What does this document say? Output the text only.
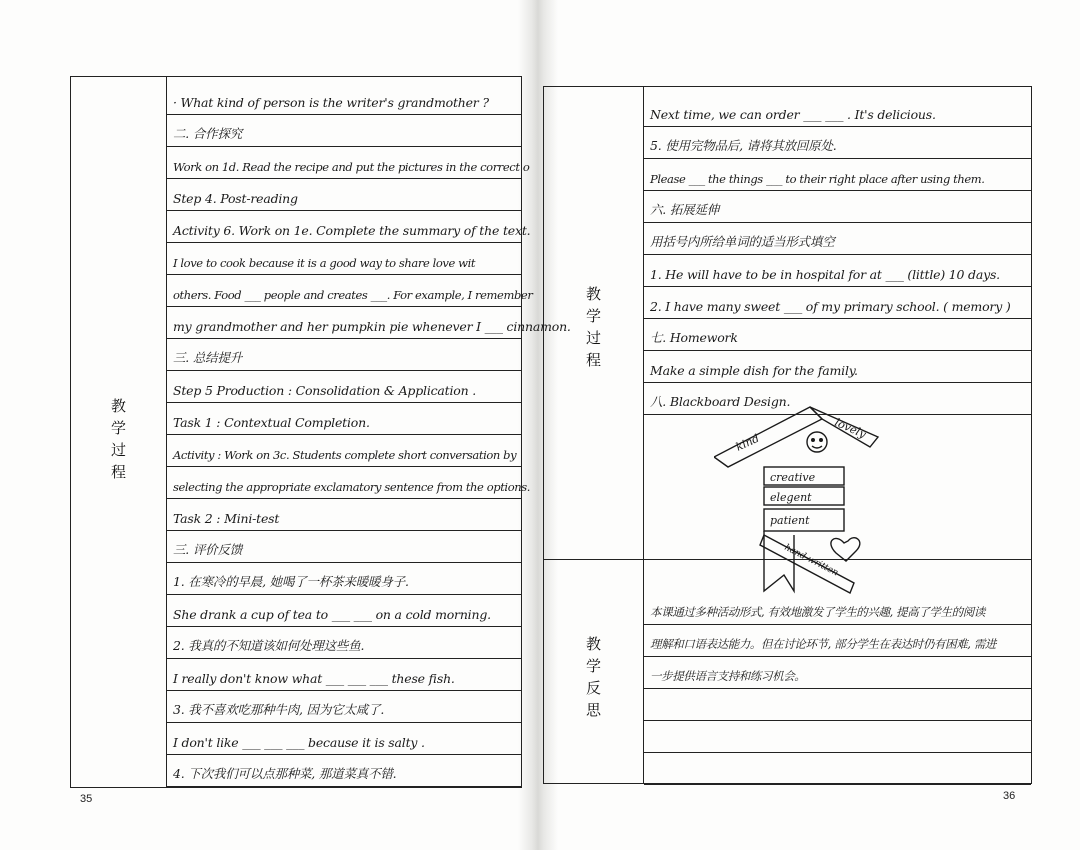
教
学
过
程
· What kind of person is the writer's grandmother ?
二. 合作探究
Work on 1d. Read the recipe and put the pictures in the correct o
Step 4. Post-reading
Activity 6. Work on 1e. Complete the summary of the text.
I love to cook because it is a good way to share love wit
others. Food ___ people and creates ___. For example, I remember
my grandmother and her pumpkin pie whenever I ___ cinnamon.
三. 总结提升
Step 5 Production : Consolidation & Application .
Task 1 : Contextual Completion.
Activity : Work on 3c. Students complete short conversation by
selecting the appropriate exclamatory sentence from the options.
Task 2 : Mini-test
三. 评价反馈
1. 在寒冷的早晨, 她喝了一杯茶来暖暖身子.
She drank a cup of tea to ___ ___ on a cold morning.
2. 我真的不知道该如何处理这些鱼.
I really don't know what ___ ___ ___ these fish.
3. 我不喜欢吃那种牛肉, 因为它太咸了.
I don't like ___ ___ ___ because it is salty .
4. 下次我们可以点那种菜, 那道菜真不错.
教
学
过
程
教
学
反
思
kind
lovely
creative
elegent
patient
hand-written
Next time, we can order ___ ___ . It's delicious.
5. 使用完物品后, 请将其放回原处.
Please ___ the things ___ to their right place after using them.
六. 拓展延伸
用括号内所给单词的适当形式填空
1. He will have to be in hospital for at ___ (little) 10 days.
2. I have many sweet ___ of my primary school. ( memory )
七. Homework
Make a simple dish for the family.
八. Blackboard Design.
本课通过多种活动形式, 有效地激发了学生的兴趣, 提高了学生的阅读
理解和口语表达能力。但在讨论环节, 部分学生在表达时仍有困难, 需进
一步提供语言支持和练习机会。
35	36
